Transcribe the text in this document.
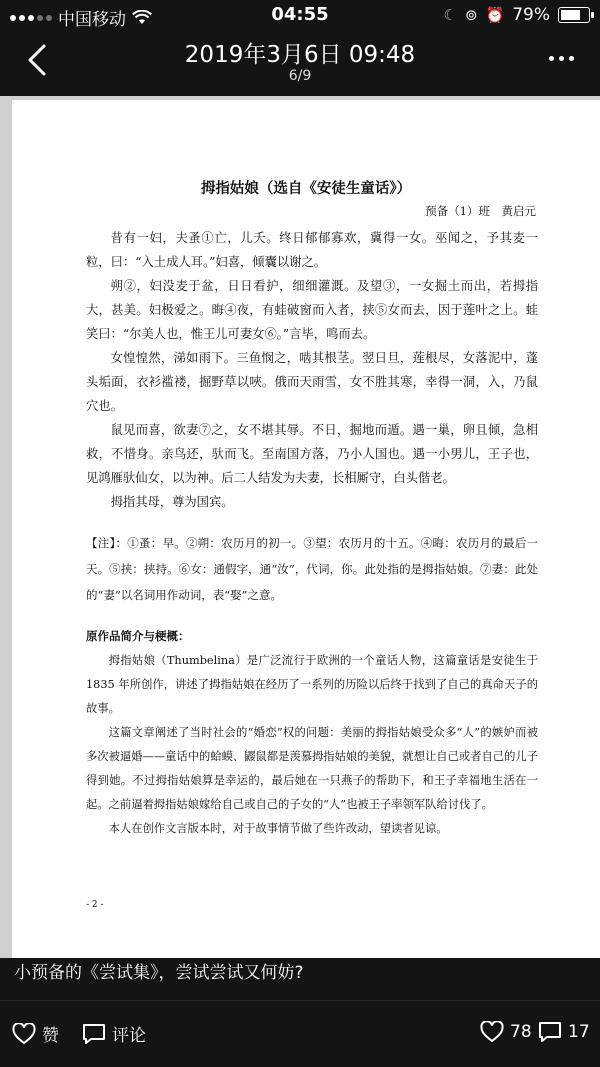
中国移动	04:55	☾ ⊚ ⏰ 79%
2019年3月6日 09:48
6/9
拇指姑娘（选自《安徒生童话》）
预备（1）班　黄启元

昔有一妇，夫蚤①亡，儿夭。终日郁郁寡欢，冀得一女。巫闻之，予其麦一粒，曰：“入土成人耳。”妇喜，倾囊以谢之。

朔②，妇没麦于盆，日日看护，细细灌溉。及望③，一女掘土而出，若拇指大，甚美。妇极爱之。晦④夜，有蛙破窗而入者，挟⑤女而去，因于莲叶之上。蛙笑曰：“尔美人也，惟王儿可妻女⑥。”言毕，鸣而去。

女惶惶然，涕如雨下。三鱼悯之，啮其根茎。翌日旦，莲根尽，女落泥中，蓬头垢面，衣衫褴褛，掘野草以唊。俄而天雨雪，女不胜其寒，幸得一洞，入，乃鼠穴也。

鼠见而喜，欲妻⑦之，女不堪其辱。不日，掘地而遁。遇一巢，卵且倾，急相救，不惜身。亲鸟还，驮而飞。至南国方落，乃小人国也。遇一小男儿，王子也，见鸿雁驮仙女，以为神。后二人结发为夫妻，长相厮守，白头偕老。

拇指其母，尊为国宾。

【注】：①蚤：早。②朔：农历月的初一。③望：农历月的十五。④晦：农历月的最后一天。⑤挟：挟持。⑥女：通假字，通“汝”，代词，你。此处指的是拇指姑娘。⑦妻：此处的“妻”以名词用作动词，表“娶”之意。

原作品简介与梗概：

拇指姑娘（Thumbelina）是广泛流行于欧洲的一个童话人物，这篇童话是安徒生于 1835 年所创作，讲述了拇指姑娘在经历了一系列的历险以后终于找到了自己的真命天子的故事。

这篇文章阐述了当时社会的“婚恋”权的问题：美丽的拇指姑娘受众多“人”的嫉妒而被多次被逼婚——童话中的蛤蟆、鼹鼠都是羡慕拇指姑娘的美貌，就想让自己或者自己的儿子得到她。不过拇指姑娘算是幸运的，最后她在一只燕子的帮助下，和王子幸福地生活在一起。之前逼着拇指姑娘嫁给自己或自己的子女的“人”也被王子率领军队给讨伐了。

本人在创作文言版本时，对于故事情节做了些许改动，望读者见谅。

- 2 -
小预备的《尝试集》，尝试尝试又何妨?
赞	评论	78 17
